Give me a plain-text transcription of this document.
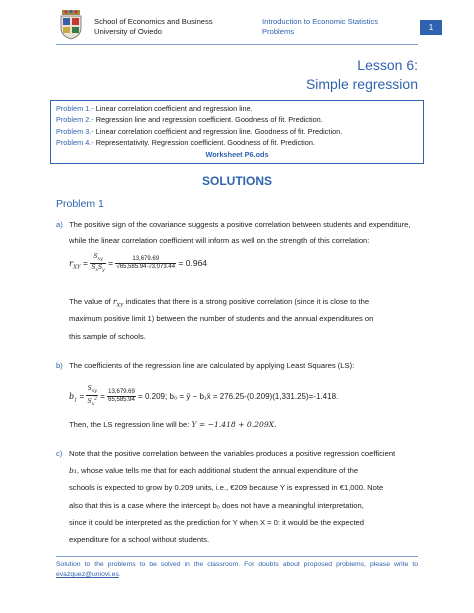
School of Economics and Business
University of Oviedo
Introduction to Economic Statistics
Problems	1
Lesson 6:
Simple regression
Problem 1.- Linear correlation coefficient and regression line.
Problem 2.- Regression line and regression coefficient. Goodness of fit. Prediction.
Problem 3.- Linear correlation coefficient and regression line. Goodness of fit. Prediction.
Problem 4.- Representativity. Regression coefficient. Goodness of fit. Prediction.
Worksheet P6.ods
SOLUTIONS
Problem 1
a) The positive sign of the covariance suggests a positive correlation between students and expenditure,
while the linear correlation coefficient will inform as well on the strength of this correlation:
$r_{XY} = \frac{S_{xy}}{S_xS_y} = \frac{13,679.69}{√65,585.94\cdot√3,073.44} = 0.964$
The value of $r_{XY}$ indicates that there is a strong positive correlation (since it is close to the
maximum positive limit 1) between the number of students and the annual expenditures on
this sample of schools.
b) The coefficients of the regression line are calculated by applying Least Squares (LS):
$b_1 = \frac{S_{xy}}{S_x^2} = \frac{13,679.69}{65,585.94} = 0.209$; b₀ = ȳ − b₁x̄ = 276.25-(0.209)(1,331.25)=-1.418.
Then, the LS regression line will be: Y = −1.418 + 0.209X.
c) Note that the positive correlation between the variables produces a positive regression coefficient
b₁, whose value tells me that for each additional student the annual expenditure of the
schools is expected to grow by 0.209 units, i.e., €209 because Y is expressed in €1,000. Note
also that this is a case where the intercept b₀ does not have a meaningful interpretation,
since it could be interpreted as the prediction for Y when X = 0: it would be the expected
expenditure for a school without students.
Solution to the problems to be solved in the classroom. For doubts about proposed problems, please write to evazquez@uniovi.es.
